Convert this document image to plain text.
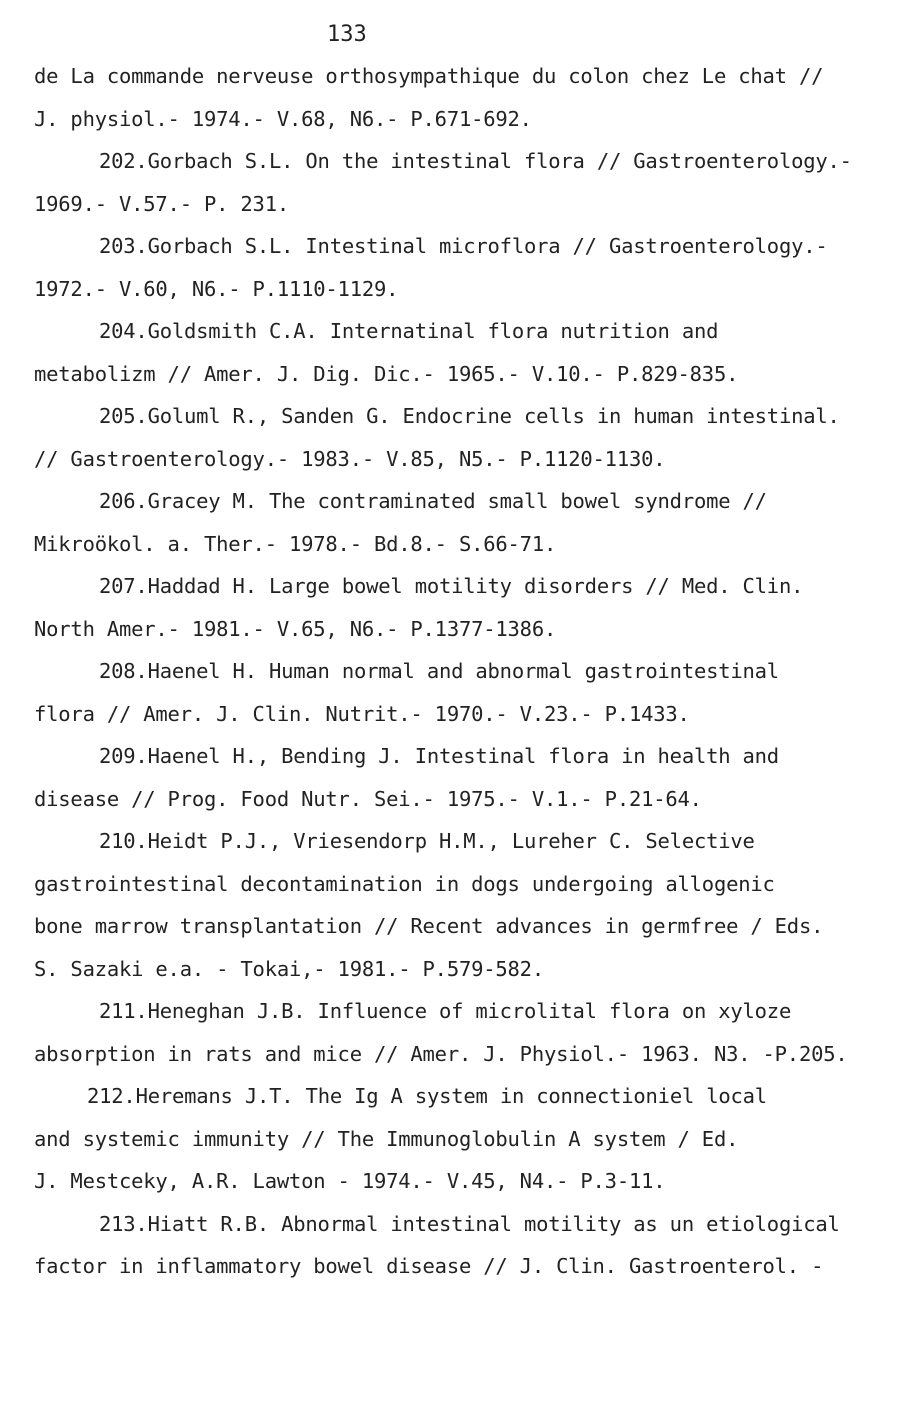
133
de La commande nerveuse orthosympathique du colon chez Le chat //
J. physiol.- 1974.- V.68, N6.- P.671-692.
202.Gorbach S.L. On the intestinal flora // Gastroenterology.-
1969.- V.57.- P. 231.
203.Gorbach S.L. Intestinal microflora // Gastroenterology.-
1972.- V.60, N6.- P.1110-1129.
204.Goldsmith C.A. Internatinal flora nutrition and
metabolizm // Amer. J. Dig. Dic.- 1965.- V.10.- P.829-835.
205.Goluml R., Sanden G. Endocrine cells in human intestinal.
// Gastroenterology.- 1983.- V.85, N5.- P.1120-1130.
206.Gracey M. The contraminated small bowel syndrome //
Mikroökol. a. Ther.- 1978.- Bd.8.- S.66-71.
207.Haddad H. Large bowel motility disorders // Med. Clin.
North Amer.- 1981.- V.65, N6.- P.1377-1386.
208.Haenel H. Human normal and abnormal gastrointestinal
flora // Amer. J. Clin. Nutrit.- 1970.- V.23.- P.1433.
209.Haenel H., Bending J. Intestinal flora in health and
disease // Prog. Food Nutr. Sei.- 1975.- V.1.- P.21-64.
210.Heidt P.J., Vriesendorp H.M., Lureher C. Selective
gastrointestinal decontamination in dogs undergoing allogenic
bone marrow transplantation // Recent advances in germfree / Eds.
S. Sazaki e.a. - Tokai,- 1981.- P.579-582.
211.Heneghan J.B. Influence of microlital flora on xyloze
absorption in rats and mice // Amer. J. Physiol.- 1963. N3. -P.205.
212.Heremans J.T. The Ig A system in connectioniel local
and systemic immunity // The Immunoglobulin A system / Ed.
J. Mestceky, A.R. Lawton - 1974.- V.45, N4.- P.3-11.
213.Hiatt R.B. Abnormal intestinal motility as un etiological
factor in inflammatory bowel disease // J. Clin. Gastroenterol. -
